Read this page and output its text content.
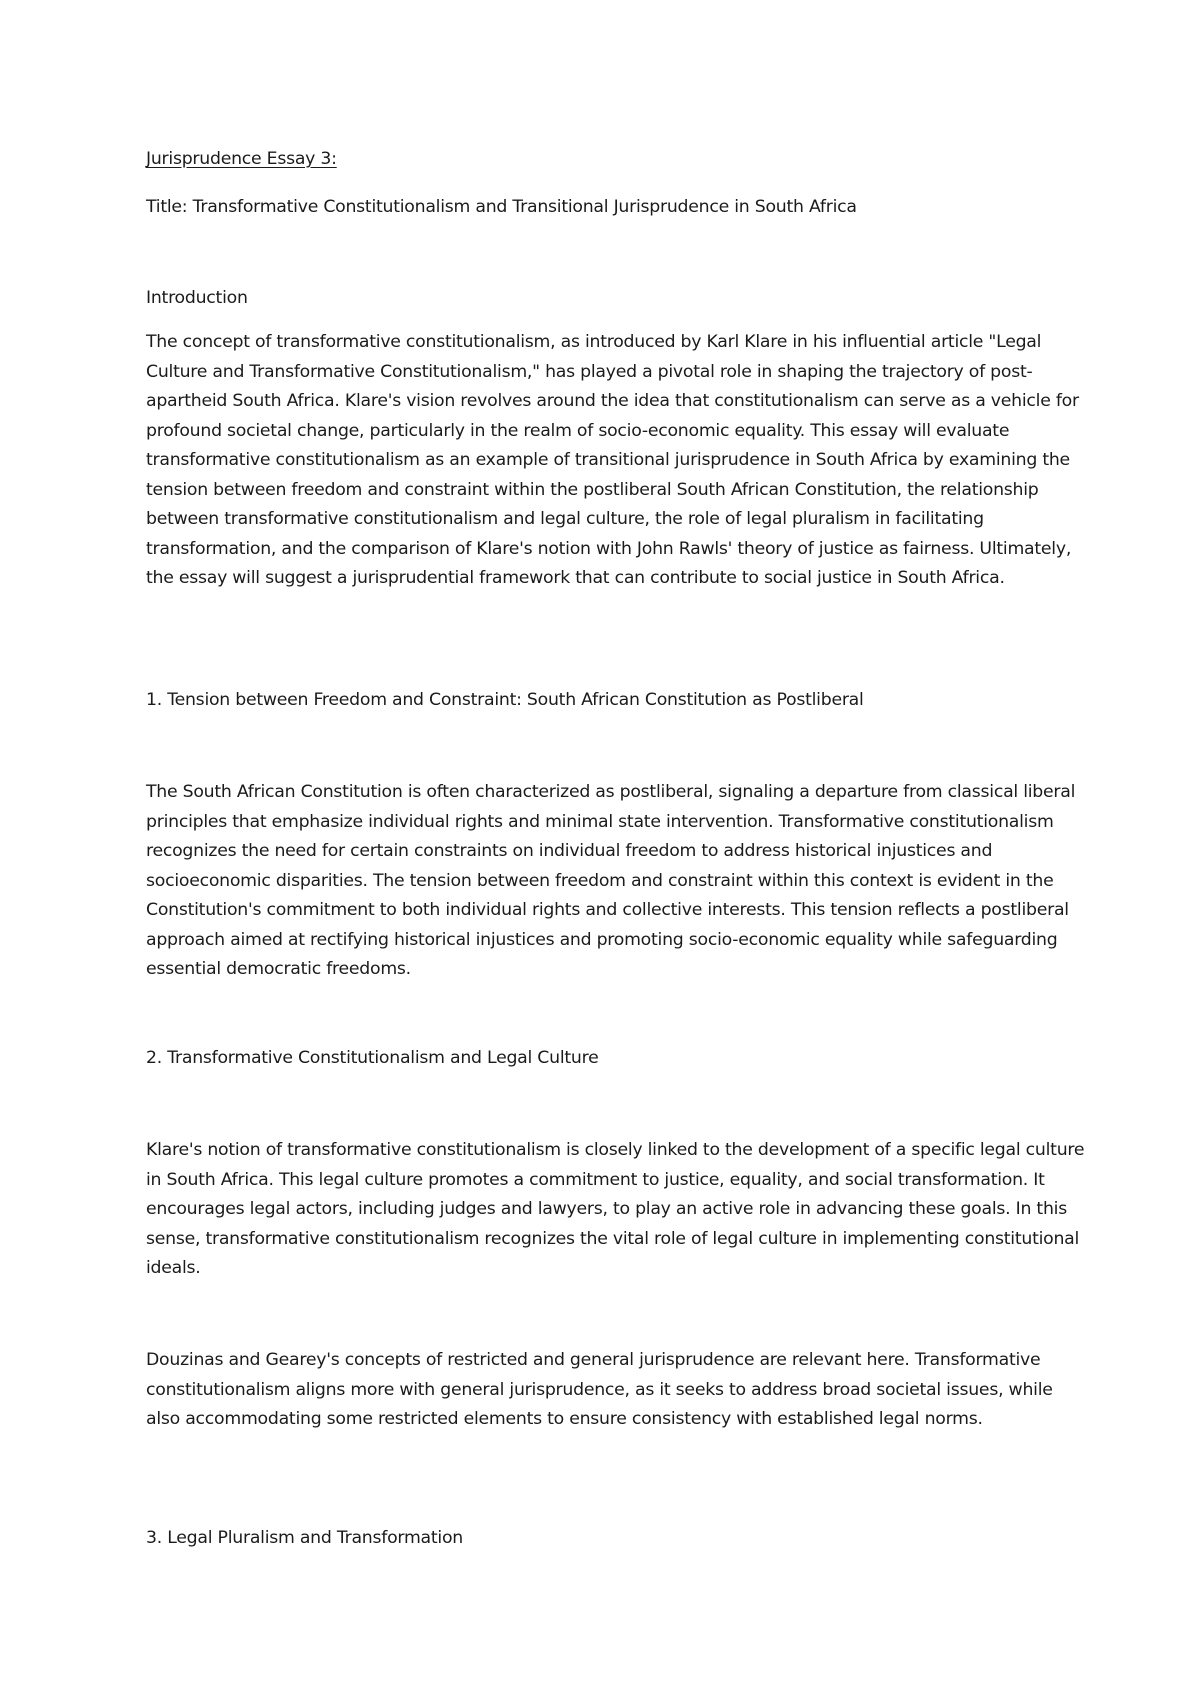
Jurisprudence Essay 3:

Title: Transformative Constitutionalism and Transitional Jurisprudence in South Africa

Introduction

The concept of transformative constitutionalism, as introduced by Karl Klare in his influential article "Legal Culture and Transformative Constitutionalism," has played a pivotal role in shaping the trajectory of post-apartheid South Africa. Klare's vision revolves around the idea that constitutionalism can serve as a vehicle for profound societal change, particularly in the realm of socio-economic equality. This essay will evaluate transformative constitutionalism as an example of transitional jurisprudence in South Africa by examining the tension between freedom and constraint within the postliberal South African Constitution, the relationship between transformative constitutionalism and legal culture, the role of legal pluralism in facilitating transformation, and the comparison of Klare's notion with John Rawls' theory of justice as fairness. Ultimately, the essay will suggest a jurisprudential framework that can contribute to social justice in South Africa.

1. Tension between Freedom and Constraint: South African Constitution as Postliberal

The South African Constitution is often characterized as postliberal, signaling a departure from classical liberal principles that emphasize individual rights and minimal state intervention. Transformative constitutionalism recognizes the need for certain constraints on individual freedom to address historical injustices and socioeconomic disparities. The tension between freedom and constraint within this context is evident in the Constitution's commitment to both individual rights and collective interests. This tension reflects a postliberal approach aimed at rectifying historical injustices and promoting socio-economic equality while safeguarding essential democratic freedoms.

2. Transformative Constitutionalism and Legal Culture

Klare's notion of transformative constitutionalism is closely linked to the development of a specific legal culture in South Africa. This legal culture promotes a commitment to justice, equality, and social transformation. It encourages legal actors, including judges and lawyers, to play an active role in advancing these goals. In this sense, transformative constitutionalism recognizes the vital role of legal culture in implementing constitutional ideals.

Douzinas and Gearey's concepts of restricted and general jurisprudence are relevant here. Transformative constitutionalism aligns more with general jurisprudence, as it seeks to address broad societal issues, while also accommodating some restricted elements to ensure consistency with established legal norms.

3. Legal Pluralism and Transformation
